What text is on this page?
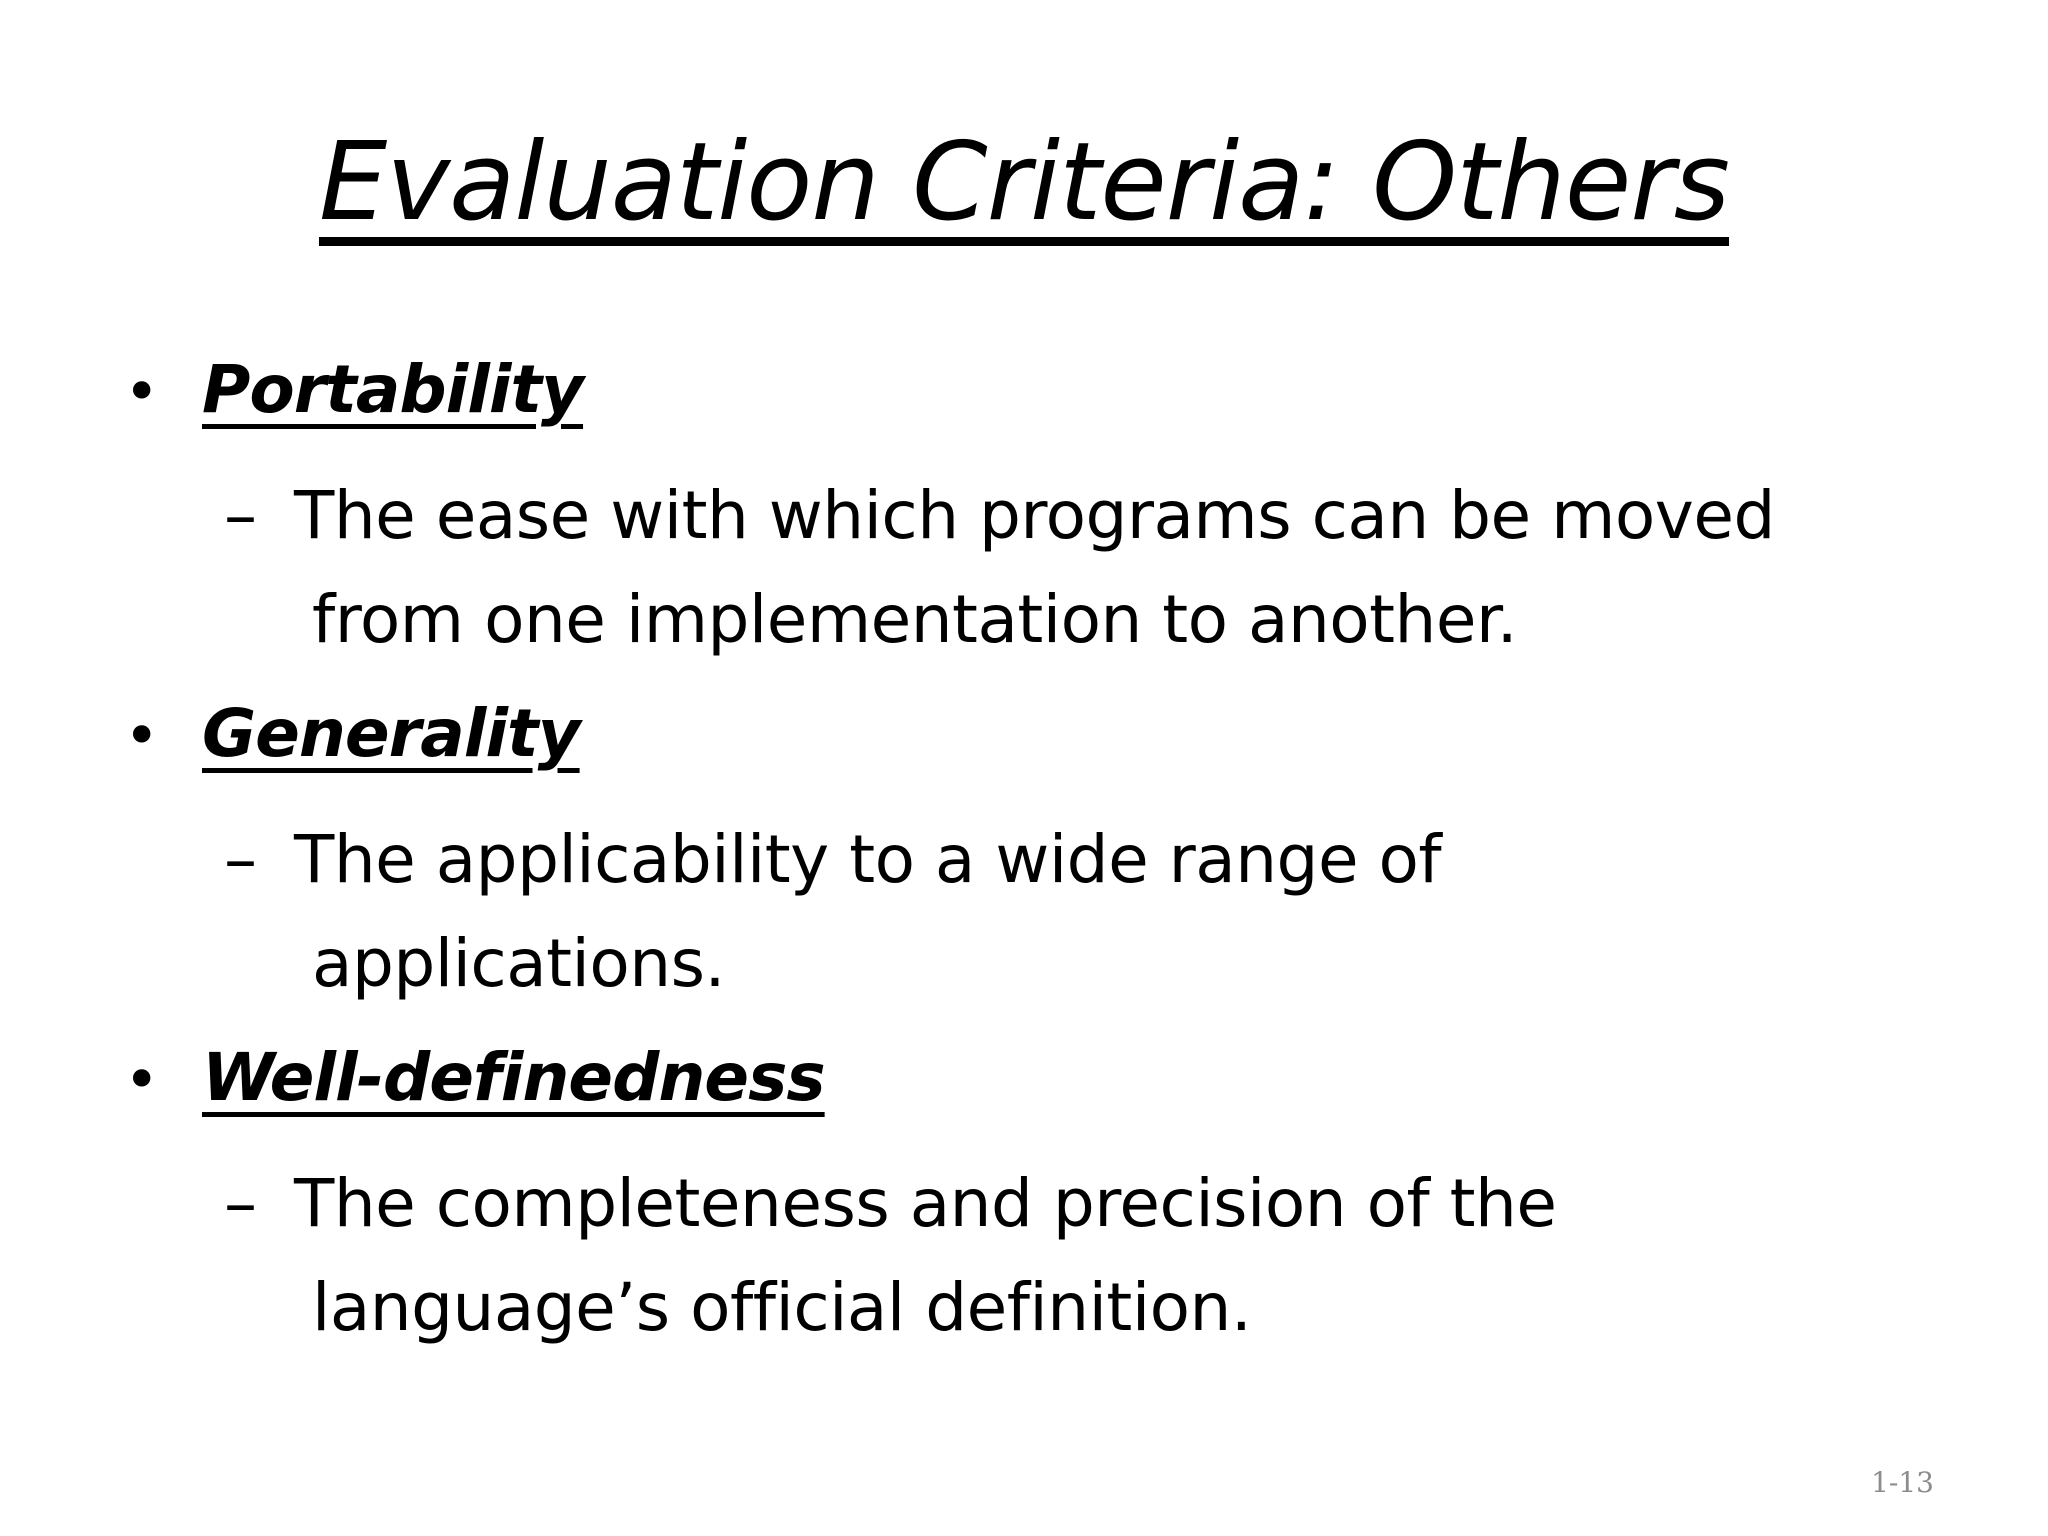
Evaluation Criteria: Others
• Portability
– The ease with which programs can be moved
from one implementation to another.
• Generality
– The applicability to a wide range of
applications.
• Well-definedness
– The completeness and precision of the
language’s official definition.
1-13
